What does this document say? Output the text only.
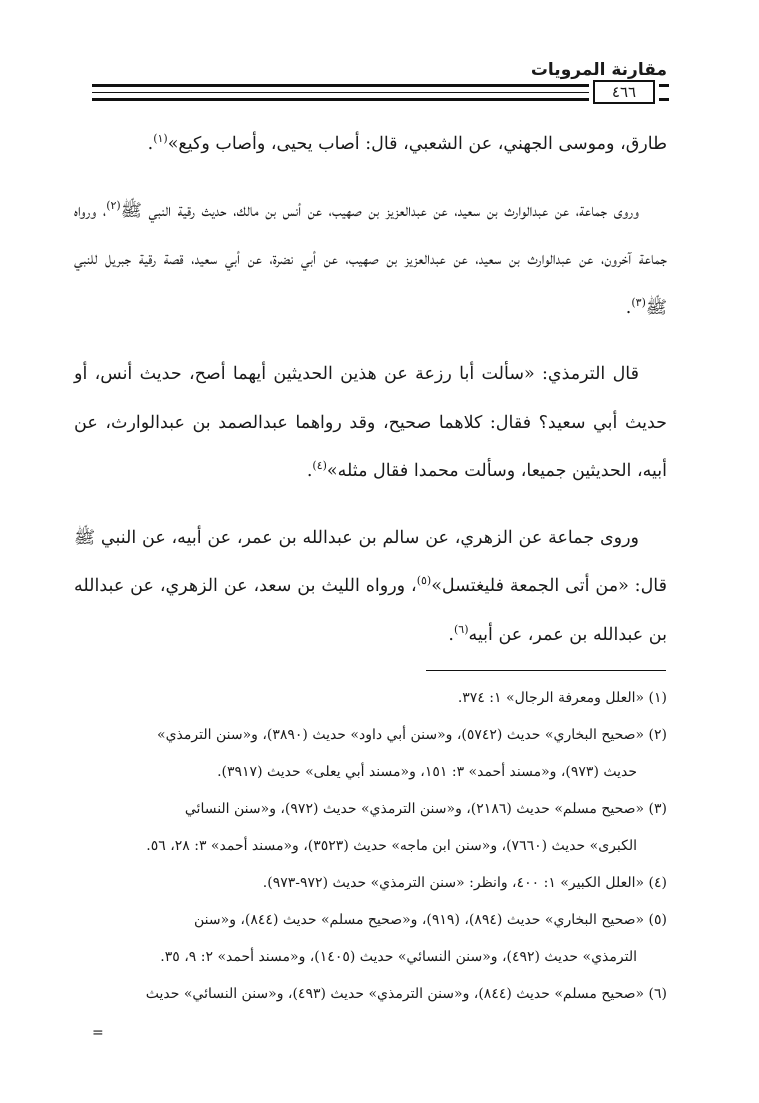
مقارنة المرويات
٤٦٦

طارق، وموسى الجهني، عن الشعبي، قال: أصاب يحيى، وأصاب وكيع»$^{(١)}$.

وروى جماعة، عن عبدالوارث بن سعيد، عن عبدالعزيز بن صهيب، عن أنس بن مالك، حديث رقية النبي ﷺ$^{(٢)}$، ورواه جماعة آخرون، عن عبدالوارث بن سعيد، عن عبدالعزيز بن صهيب، عن أبي نضرة، عن أبي سعيد، قصة رقية جبريل للنبي ﷺ$^{(٣)}$.

قال الترمذي: «سألت أبا رزعة عن هذين الحديثين أيهما أصح، حديث أنس، أو حديث أبي سعيد؟ فقال: كلاهما صحيح، وقد رواهما عبدالصمد بن عبدالوارث، عن أبيه، الحديثين جميعا، وسألت محمدا فقال مثله»$^{(٤)}$.

وروى جماعة عن الزهري، عن سالم بن عبدالله بن عمر، عن أبيه، عن النبي ﷺ قال: «من أتى الجمعة فليغتسل»$^{(٥)}$، ورواه الليث بن سعد، عن الزهري، عن عبدالله بن عبدالله بن عمر، عن أبيه$^{(٦)}$.

(١) «العلل ومعرفة الرجال» ١: ٣٧٤.
(٢) «صحيح البخاري» حديث (٥٧٤٢)، و«سنن أبي داود» حديث (٣٨٩٠)، و«سنن الترمذي»
حديث (٩٧٣)، و«مسند أحمد» ٣: ١٥١، و«مسند أبي يعلى» حديث (٣٩١٧).
(٣) «صحيح مسلم» حديث (٢١٨٦)، و«سنن الترمذي» حديث (٩٧٢)، و«سنن النسائي
الكبرى» حديث (٧٦٦٠)، و«سنن ابن ماجه» حديث (٣٥٢٣)، و«مسند أحمد» ٣: ٢٨، ٥٦.
(٤) «العلل الكبير» ١: ٤٠٠، وانظر: «سنن الترمذي» حديث (٩٧٢-٩٧٣).
(٥) «صحيح البخاري» حديث (٨٩٤)، (٩١٩)، و«صحيح مسلم» حديث (٨٤٤)، و«سنن
الترمذي» حديث (٤٩٢)، و«سنن النسائي» حديث (١٤٠٥)، و«مسند أحمد» ٢: ٩، ٣٥.
(٦) «صحيح مسلم» حديث (٨٤٤)، و«سنن الترمذي» حديث (٤٩٣)، و«سنن النسائي» حديث
=
